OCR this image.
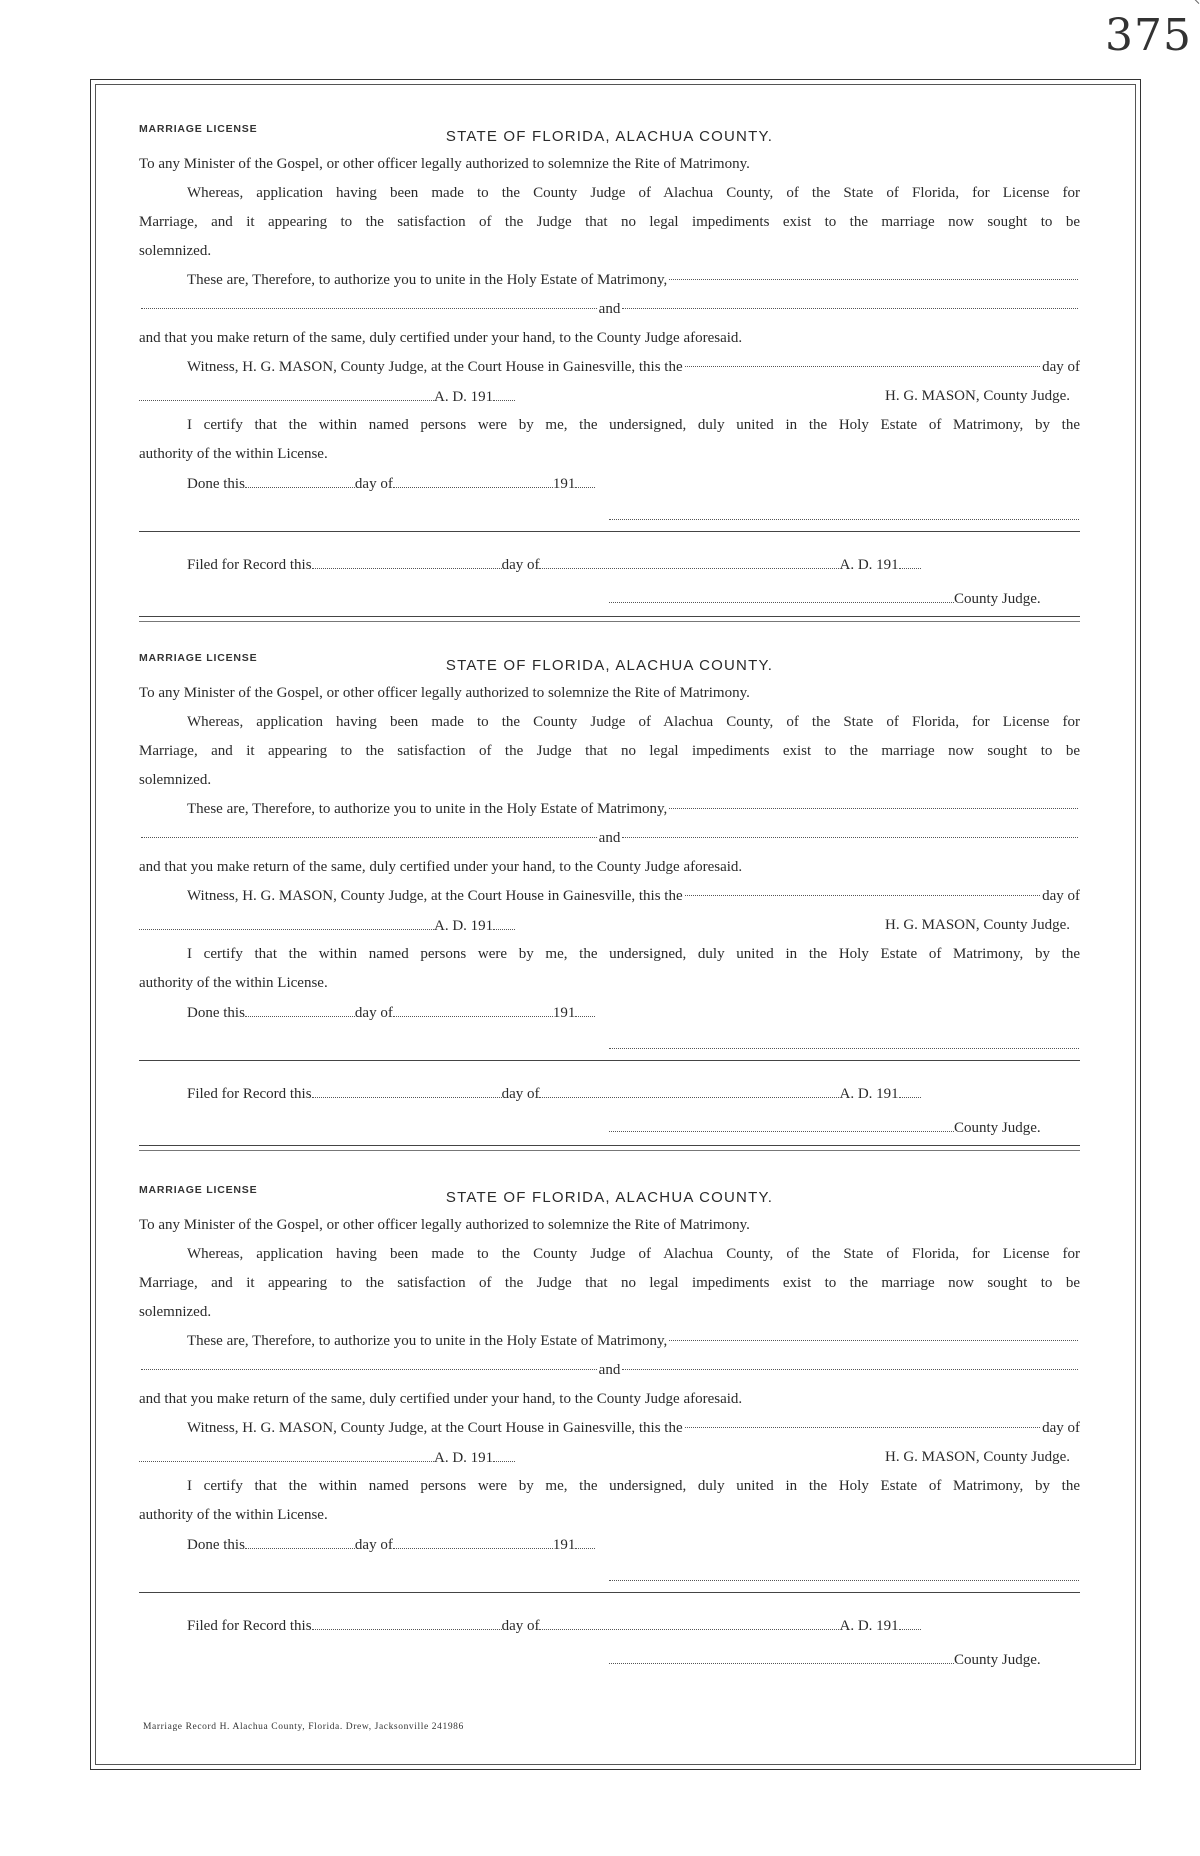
375
MARRIAGE LICENSE	STATE OF FLORIDA, ALACHUA COUNTY.
To any Minister of the Gospel, or other officer legally authorized to solemnize the Rite of Matrimony.
Whereas, application having been made to the County Judge of Alachua County, of the State of Florida, for License for
Marriage, and it appearing to the satisfaction of the Judge that no legal impediments exist to the marriage now sought to be
solemnized.
These are, Therefore, to authorize you to unite in the Holy Estate of Matrimony,
and
and that you make return of the same, duly certified under your hand, to the County Judge aforesaid.
Witness, H. G. MASON, County Judge, at the Court House in Gainesville, this the	day of
A. D. 191	H. G. MASON, County Judge.
I certify that the within named persons were by me, the undersigned, duly united in the Holy Estate of Matrimony, by the
authority of the within License.
Done this	day of	191
Filed for Record this	day of	A. D. 191
County Judge.
MARRIAGE LICENSE	STATE OF FLORIDA, ALACHUA COUNTY.
To any Minister of the Gospel, or other officer legally authorized to solemnize the Rite of Matrimony.
Whereas, application having been made to the County Judge of Alachua County, of the State of Florida, for License for
Marriage, and it appearing to the satisfaction of the Judge that no legal impediments exist to the marriage now sought to be
solemnized.
These are, Therefore, to authorize you to unite in the Holy Estate of Matrimony,
and
and that you make return of the same, duly certified under your hand, to the County Judge aforesaid.
Witness, H. G. MASON, County Judge, at the Court House in Gainesville, this the	day of
A. D. 191	H. G. MASON, County Judge.
I certify that the within named persons were by me, the undersigned, duly united in the Holy Estate of Matrimony, by the
authority of the within License.
Done this	day of	191
Filed for Record this	day of	A. D. 191
County Judge.
MARRIAGE LICENSE	STATE OF FLORIDA, ALACHUA COUNTY.
To any Minister of the Gospel, or other officer legally authorized to solemnize the Rite of Matrimony.
Whereas, application having been made to the County Judge of Alachua County, of the State of Florida, for License for
Marriage, and it appearing to the satisfaction of the Judge that no legal impediments exist to the marriage now sought to be
solemnized.
These are, Therefore, to authorize you to unite in the Holy Estate of Matrimony,
and
and that you make return of the same, duly certified under your hand, to the County Judge aforesaid.
Witness, H. G. MASON, County Judge, at the Court House in Gainesville, this the	day of
A. D. 191	H. G. MASON, County Judge.
I certify that the within named persons were by me, the undersigned, duly united in the Holy Estate of Matrimony, by the
authority of the within License.
Done this	day of	191
Filed for Record this	day of	A. D. 191
County Judge.
Marriage Record H. Alachua County, Florida. Drew, Jacksonville 241986
